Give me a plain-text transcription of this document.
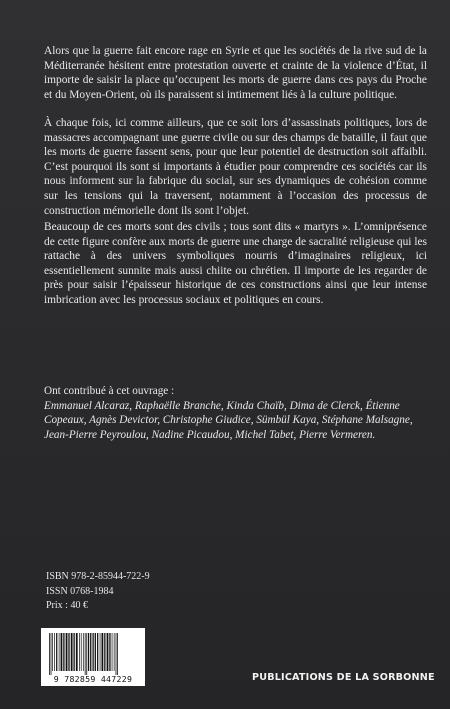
Alors que la guerre fait encore rage en Syrie et que les sociétés de la rive sud de la Méditerranée hésitent entre protestation ouverte et crainte de la violence d’État, il importe de saisir la place qu’occupent les morts de guerre dans ces pays du Proche et du Moyen-Orient, où ils paraissent si intimement liés à la culture politique.

À chaque fois, ici comme ailleurs, que ce soit lors d’assassinats politiques, lors de massacres accompagnant une guerre civile ou sur des champs de bataille, il faut que les morts de guerre fassent sens, pour que leur potentiel de destruction soit affaibli. C’est pourquoi ils sont si importants à étudier pour comprendre ces sociétés car ils nous informent sur la fabrique du social, sur ses dynamiques de cohésion comme sur les tensions qui la traversent, notamment à l’occasion des processus de construction mémorielle dont ils sont l’objet.

Beaucoup de ces morts sont des civils ; tous sont dits « martyrs ». L’omniprésence de cette figure confère aux morts de guerre une charge de sacralité religieuse qui les rattache à des univers symboliques nourris d’imaginaires religieux, ici essentiellement sunnite mais aussi chiite ou chrétien. Il importe de les regarder de près pour saisir l’épaisseur historique de ces constructions ainsi que leur intense imbrication avec les processus sociaux et politiques en cours.

Ont contribué à cet ouvrage :
Emmanuel Alcaraz, Raphaëlle Branche, Kinda Chaïb, Dima de Clerck, Étienne Copeaux, Agnès Devictor, Christophe Giudice, Sümbül Kaya, Stéphane Malsagne, Jean-Pierre Peyroulou, Nadine Picaudou, Michel Tabet, Pierre Vermeren.
ISBN 978-2-85944-722-9
ISSN 0768-1984
Prix : 40 €
9 782859 447229	PUBLICATIONS DE LA SORBONNE
